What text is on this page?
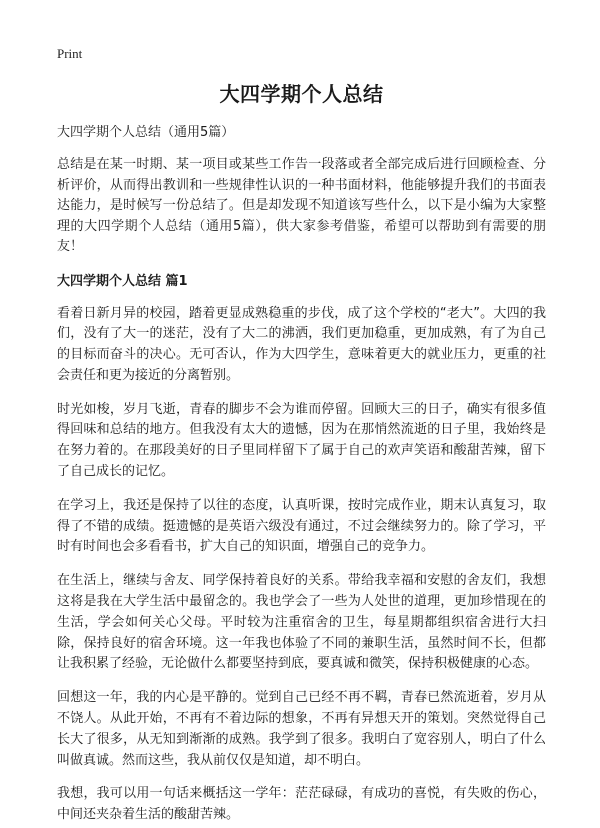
Print
大四学期个人总结

大四学期个人总结（通用5篇）

总结是在某一时期、某一项目或某些工作告一段落或者全部完成后进行回顾检查、分析评价，从而得出教训和一些规律性认识的一种书面材料，他能够提升我们的书面表达能力，是时候写一份总结了。但是却发现不知道该写些什么，以下是小编为大家整理的大四学期个人总结（通用5篇），供大家参考借鉴，希望可以帮助到有需要的朋友！

大四学期个人总结 篇1

看着日新月异的校园，踏着更显成熟稳重的步伐，成了这个学校的“老大”。大四的我们，没有了大一的迷茫，没有了大二的沸洒，我们更加稳重，更加成熟，有了为自己的目标而奋斗的决心。无可否认，作为大四学生，意味着更大的就业压力，更重的社会责任和更为接近的分离暂别。

时光如梭，岁月飞逝，青春的脚步不会为谁而停留。回顾大三的日子，确实有很多值得回味和总结的地方。但我没有太大的遗憾，因为在那悄然流逝的日子里，我始终是在努力着的。在那段美好的日子里同样留下了属于自己的欢声笑语和酸甜苦辣，留下了自己成长的记忆。

在学习上，我还是保持了以往的态度，认真听课，按时完成作业，期末认真复习，取得了不错的成绩。挺遗憾的是英语六级没有通过，不过会继续努力的。除了学习，平时有时间也会多看看书，扩大自己的知识面，增强自己的竞争力。

在生活上，继续与舍友、同学保持着良好的关系。带给我幸福和安慰的舍友们，我想这将是我在大学生活中最留念的。我也学会了一些为人处世的道理，更加珍惜现在的生活，学会如何关心父母。平时较为注重宿舍的卫生，每星期都组织宿舍进行大扫除，保持良好的宿舍环境。这一年我也体验了不同的兼职生活，虽然时间不长，但都让我积累了经验，无论做什么都要坚持到底，要真诚和微笑，保持积极健康的心态。

回想这一年，我的内心是平静的。觉到自己已经不再不羁，青春已然流逝着，岁月从不饶人。从此开始，不再有不着边际的想象，不再有异想天开的策划。突然觉得自己长大了很多，从无知到渐渐的成熟。我学到了很多。我明白了宽容别人，明白了什么叫做真诚。然而这些，我从前仅仅是知道，却不明白。

我想，我可以用一句话来概括这一学年：茫茫碌碌，有成功的喜悦，有失败的伤心，中间还夹杂着生活的酸甜苦辣。
